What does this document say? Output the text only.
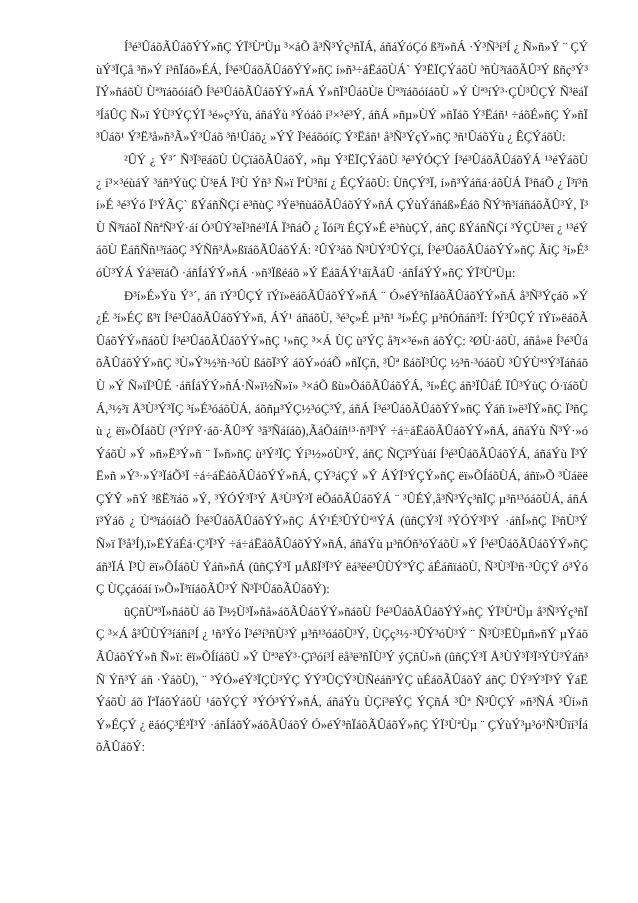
Í³é³ÛáõÃÛáõÝÝ»ñÇ ÝÏ³ÙªÙµ ³×áÕ å³Ñ³Ýç³ñÏÁ, áñáÝóÇó ß³ï»ñÁ ·Ý³Ñ³í³Í ¿ Ñ»ñ»Ý ¨ ÇÝùÝ³ÏÇå ³ñ»Ý í³ñÏáõ»ÉÁ, Í³é³ÛáõÃÛáõÝÝ»ñÇ í»ñ³÷áËáõÙÁ` Ý³ËÏÇÝáõÙ ³ñÙ³ïáõÃÛ³Ý ßñç³Ý³ÏÝ»ñáõÙ Ùª³ïáõóíáÕ Í³é³ÛáõÃÛáõÝÝ»ñÁ Ý»ñÏ³ÛáõÙë Ùª³ïáõóíáõÙ »Ý Ùª³íÝ³·ÇÙ³ÛÇÝ Ñ³ëáÏ³ÍáÛÇ Ñ»ï ÝÙ³ÝÇÝÏ ³é»ç³Ýù, áñáÝù ³Ýóáõ í³×³é³Ý, áñÁ »ñµ»ÙÝ »ñÏáõ Ý³Ëáñ¹ ÷áõÉ»ñÇ Ý»ñÏ³Ûáõ¹ Ý³Ë³å»ñ³Ã»Ý³Ûáõ ³ñ¹Ûáõ¿ »ÝÝ Ï³éáõóíÇ Ý³Ëáñ¹ å³Ñ³ÝçÝ»ñÇ ³ñ¹ÛáõÝù ¿ ÊÇÝáõÙ:

²ÛÝ ¿ Ý³´ Ñ³Ï³ëáõÙ ÙÇïáõÃÛáõÝ, »ñµ Ý³ËÏÇÝáõÙ ³é³ÝÓÇÝ Í³é³ÛáõÃÛáõÝÁ ¹³éÝáõÙ ¿ í³×³éùáÝ ³áñ³ÝùÇ Ù³ëÁ Ï³Ù Ýñ³ Ñ»ï ÏªÙ³ñí ¿ ÉÇÝáõÙ: ÙñÇÝ³Ï, í»ñ³Ýáñá·áõÙÁ Ï³ñáÕ ¿ Ï³ï³ñí»É ³é³Ýó Ï³ÝÃÇ` ßÝáñÑÇí ë³ñùÇ ³Ýë³ñùáõÃÛáõÝÝ»ñÁ ÇÝùÝáñáß»Éáõ ÑÝ³ñ³íáñáõÃÛ³Ý, Ï³Ù Ñ³ïáõÏ ÑñªÑ³Ý·áí Ó³ÛÝ³ëÏ³ñé³ÏÁ Ï³ñáÕ ¿ Ïóí³ï ÉÇÝ»É ë³ñùÇÝ, áñÇ ßÝáñÑÇí ³ÝÇÙ³ëï ¿ ¹³éÝáõÙ ËáñÑñ¹³ïáõÇ ³ÝÑñ³Å»ßïáõÃÛáõÝÁ: ²ÛÝ³áõ Ñ³ÙÝ³ÛÝÇí, Í³é³ÛáõÃÛáõÝÝ»ñÇ ÃíÇ ³í»É³óÙ³ÝÁ Ýá³ëïáÕ ·áñÍáÝÝ»ñÁ ·»ñ³Ïßéáõ »Ý ËáãÁÝ¹áïÃáÛ ·áñÍáÝÝ»ñÇ ÝÏ³ÙªÙµ:

Ð³í»É»Ýù Ý³´, áñ ïÝ³ÛÇÝ ïÝï»ëáõÃÛáõÝÝ»ñÁ ¨ Ó»éÝ³ñÏáõÃÛáõÝÝ»ñÁ å³Ñ³Ýçáõ »Ý ¿É ³í»ÉÇ ß³ï Í³é³ÛáõÃÛáõÝÝ»ñ, ÁÝ¹ áñáõÙ, ³é³ç»É µ³ñ¹ ³í»ÉÇ µ³ñÓñáñ³Ï: ÍÝ³ÛÇÝ ïÝï»ëáõÃÛáõÝÝ»ñáõÙ Í³é³ÛáõÃÛáõÝÝ»ñÇ ¹»ñÇ ³×Á ÙÇ ù³ÝÇ å³ï×³é»ñ áõÝÇ: ²ØÙ·áõÙ, áñå»ë Í³é³ÛáõÃÛáõÝÝ»ñÇ ³Ù»Ý³½³ñ·³óÙ ßáõÏ³Ý áõÝ»óáÕ »ñÏÇñ, ³Ûª ßáõÏ³ÛÇ ½³ñ·³óáõÙ ³ÛÝÙª³Ý³ÏáñáõÙ »Ý Ñ»ïÏ³ÛÉ ·áñÍáÝÝ»ñÁ·Ñ»ï½Ñ»ï» ³×áÕ ßù»ÕáõÃÛáõÝÁ, ³í»ÉÇ áñ³ÏÛáÉ ÏÛ³ÝùÇ Ó·ïáõÙÁ,³½³ï Å³Ù³Ý³ÏÇ ³í»É³óáõÙÁ, áõñµ³ÝÇ½³óÇ³Ý, áñÁ Í³é³ÛáõÃÛáõÝÝ»ñÇ Ýáñ ï»ë³ÏÝ»ñÇ Ï³ñÇù ¿ ëï»ÕÍáõÙ (³Ýí³Ý·áõ·ÃÛ³Ý ³ã³Ñáíáõ),ÃáÕáíñ¹³·ñ³Ï³Ý ÷á÷áËáõÃÛáõÝÝ»ñÁ, áñáÝù Ñ³Ý·»óÝáõÙ »Ý »ñ»Ë³Ý»ñ ¨ Ï»ñ»ñÇ ù³Ý³ÏÇ Ýí³½»óÙ³Ý, áñÇ ÑÇï³Ýùáí Í³é³ÛáõÃÛáõÝÁ, áñáÝù Ï³ÝË»ñ »Ý³·»Ý³ÏáÕ³Ï ÷á÷áËáõÃÛáõÝÝ»ñÁ, ÇÝ³áÇÝ »Ý ÁÝÏ³ÝÇÝ»ñÇ ëï»ÕÍáõÙÁ, áñï»Õ ³ÙáëëÇÝÝ »ñÝ ³ßË³ïáõ »Ý, ³ÝÓÝ³Ï³Ý Å³Ù³Ý³Ï ëÕáõÃÛáõÝÁ ¨ ³ÛÉÝ,å³Ñ³Ýç³ñÏÇ µ³ñ¹³óáõÙÁ, áñÁ ï³Ýáõ ¿ Ùª³ïáóíáÕ Í³é³ÛáõÃÛáõÝÝ»ñÇ ÁÝ¹É³ÛÝÙª³ÝÁ (ûñÇÝ³Ï ³ÝÓÝ³Ï³Ý ·áñÍ»ñÇ Ï³ñÙ³Ý Ñ»ï Ï³å³Í),ï»ËÝáÉá·Ç³Ï³Ý ÷á÷áËáõÃÛáõÝÝ»ñÁ, áñáÝù µ³ñÓñ³óÝáõÙ »Ý Í³é³ÛáõÃÛáõÝÝ»ñÇ áñ³ÏÁ Ï³Ù ëï»ÕÍáõÙ Ýáñ»ñÁ (ûñÇÝ³Ï µÅßÏ³Ï³Ý ëá³ëé³ÛÙÝ³ÝÇ áÉáñïáõÙ, Ñ³Ù³Ï³ñ·³ÛÇÝ ó³ÝóÇ ÙÇçáóáí ï»Õ»Ï³ïíáõÃÛ³Ý Ñ³Ï³ÛáõÃÛáõÝ):

ûÇñÙª³Ï»ñáõÙ áõ Ï³½Ù³Ï»ñå»áõÃÛáõÝÝ»ñáõÙ Í³é³ÛáõÃÛáõÝÝ»ñÇ ÝÏ³ÙªÙµ å³Ñ³Ýç³ñÏÇ ³×Á å³ÛÙÝ³íáñí³Í ¿ ¹ñ³Ýó Ï³é³í³ñÙ³Ý µ³ñ¹³óáõÙ³Ý, ÙÇç³½·³ÛÝ³óÙ³Ý ¨ Ñ³Ù³ËÙµñ»ñÝ µÝáõÃÛáõÝÝ»ñ Ñ»ï: ëï»ÕÍíáõÙ »Ý Ùª³ëÝ³·Çï³óí³Í ëå³ë³ñÏÙ³Ý ýÇñÙ»ñ (ûñÇÝ³Ï Å³ÙÝ³Ï³Ï³ÝÙ³Ýáñ³Ñ Ýñ³Ý áñ ·ÝáõÙ), ¨ ³ÝÓ»éÝ³ÏÇÙ³ÝÇ ÝÝ³ÛÇÝ³ÙÑéáñ³ÝÇ ùÉáõÃÛáõÝ áñÇ ÛÝ³Ý³Ï³Ý ÝáËÝáõÙ áõ ÏªÏáõÝáõÙ ¹áõÝÇÝ ³ÝÓ³ÝÝ»ñÁ, áñáÝù ÙÇí³ëÝÇ ÝÇñÁ ³Ûª Ñ³ÛÇÝ »ñ³ÑÁ ³Ûí»ñÝ»ÉÇÝ ¿ ëáóÇ³É³Ï³Ý ·áñÍáõÝ»áõÃÛáõÝ Ó»éÝ³ñÏáõÃÛáõÝ»ñÇ ÝÏ³ÙªÙµ ¨ ÇÝùÝ³µ³ó³Ñ³Ûïí³ÍáõÃÛáõÝ:
